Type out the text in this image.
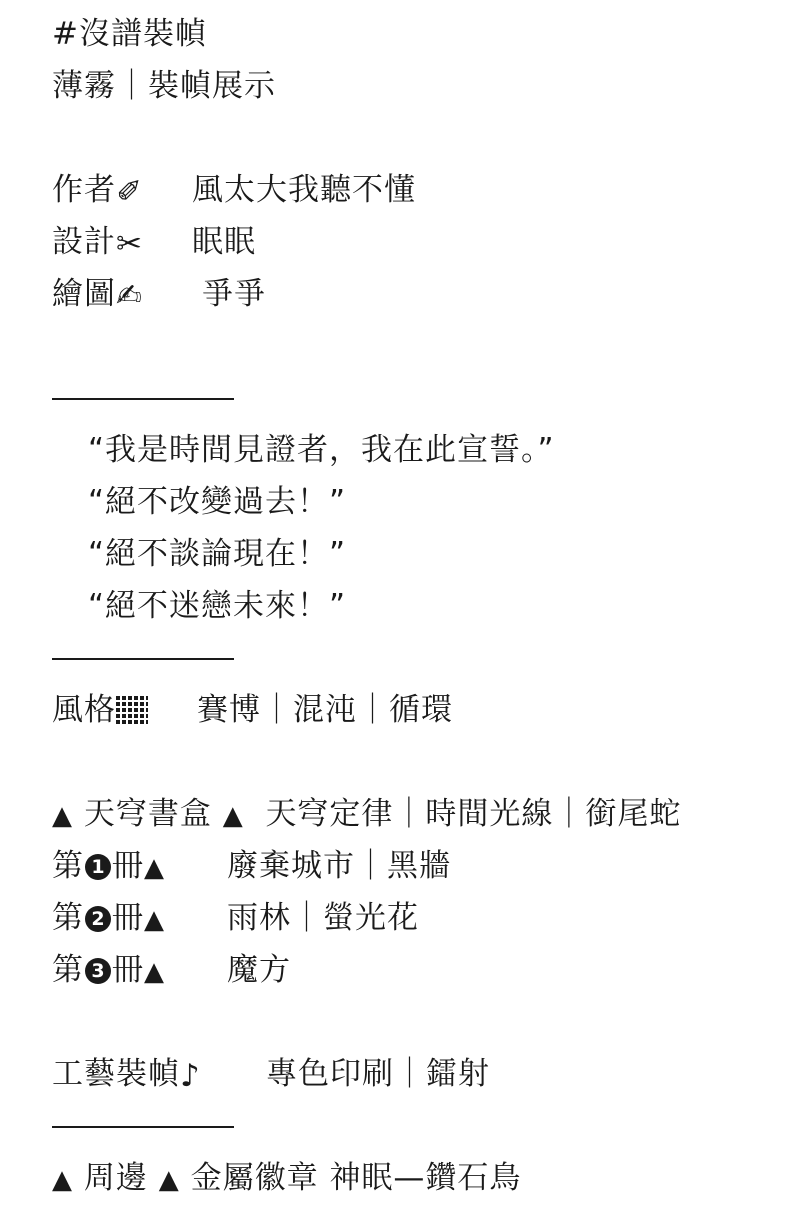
#沒譜裝幀
薄霧｜裝幀展示
作者✐ 風太大我聽不懂
設計✂ 眠眠
繪圖✍ 爭爭
“我是時間見證者，我在此宣誓。”
“絕不改變過去！”
“絕不談論現在！”
“絕不迷戀未來！”
風格	賽博｜混沌｜循環
▲ 天穹書盒 ▲ 天穹定律｜時間光線｜銜尾蛇
第 1 冊▲ 廢棄城市｜黑牆
第 2 冊▲ 雨林｜螢光花
第 3 冊▲ 魔方
工藝裝幀♪ 專色印刷｜鐳射
▲ 周邊 ▲ 金屬徽章 神眠—鑽石鳥
